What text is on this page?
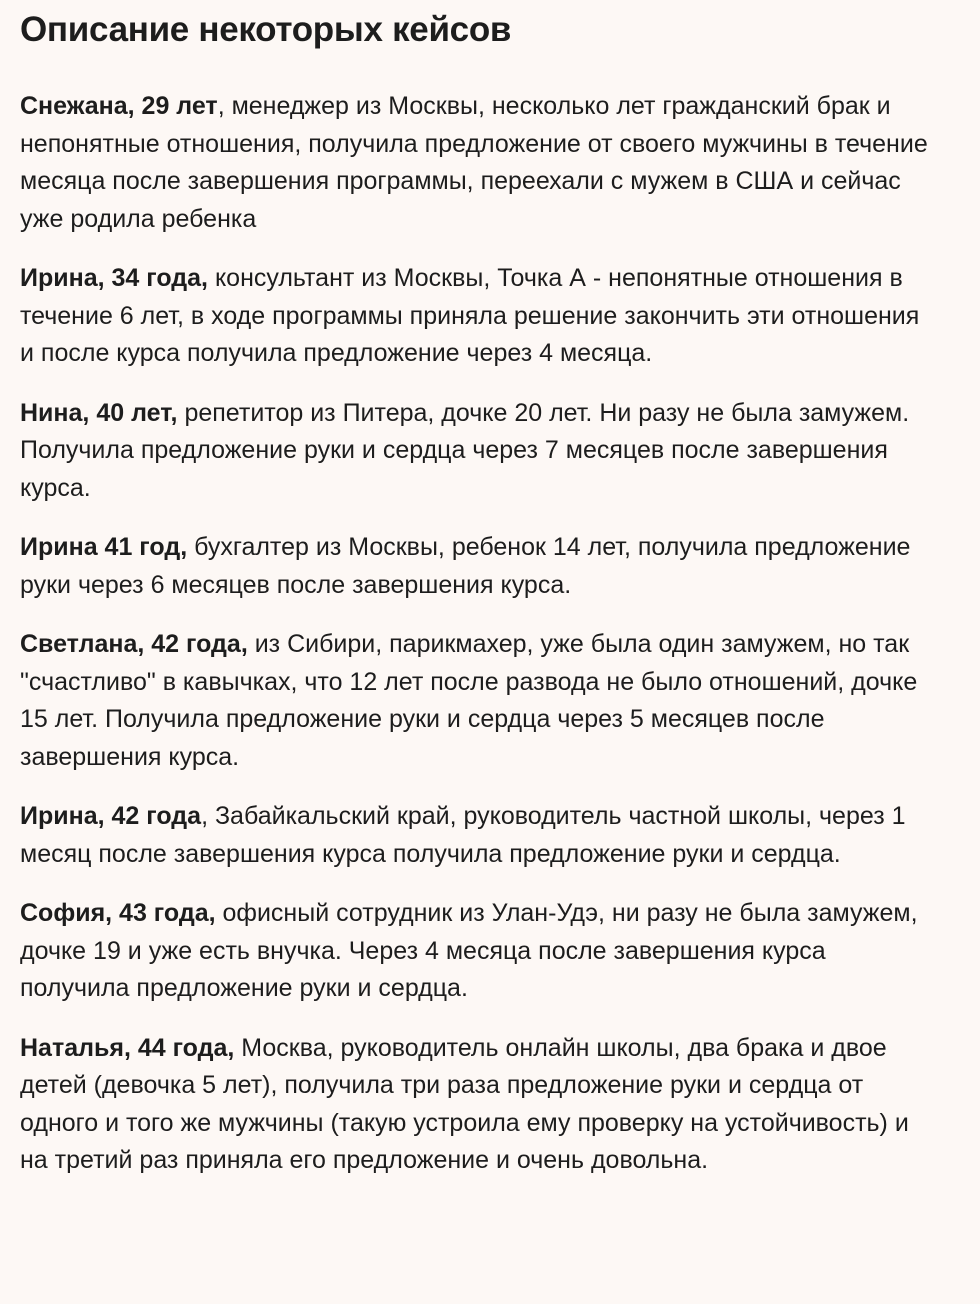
Описание некоторых кейсов

Снежана, 29 лет, менеджер из Москвы, несколько лет гражданский брак и непонятные отношения, получила предложение от своего мужчины в течение месяца после завершения программы, переехали с мужем в США и сейчас уже родила ребенка

Ирина, 34 года, консультант из Москвы, Точка А - непонятные отношения в течение 6 лет, в ходе программы приняла решение закончить эти отношения и после курса получила предложение через 4 месяца.

Нина, 40 лет, репетитор из Питера, дочке 20 лет. Ни разу не была замужем. Получила предложение руки и сердца через 7 месяцев после завершения курса.

Ирина 41 год, бухгалтер из Москвы, ребенок 14 лет, получила предложение руки через 6 месяцев после завершения курса.

Светлана, 42 года, из Сибири, парикмахер, уже была один замужем, но так "счастливо" в кавычках, что 12 лет после развода не было отношений, дочке 15 лет. Получила предложение руки и сердца через 5 месяцев после завершения курса.

Ирина, 42 года, Забайкальский край, руководитель частной школы, через 1 месяц после завершения курса получила предложение руки и сердца.

София, 43 года, офисный сотрудник из Улан-Удэ, ни разу не была замужем, дочке 19 и уже есть внучка. Через 4 месяца после завершения курса получила предложение руки и сердца.

Наталья, 44 года, Москва, руководитель онлайн школы, два брака и двое детей (девочка 5 лет), получила три раза предложение руки и сердца от одного и того же мужчины (такую устроила ему проверку на устойчивость) и на третий раз приняла его предложение и очень довольна.
